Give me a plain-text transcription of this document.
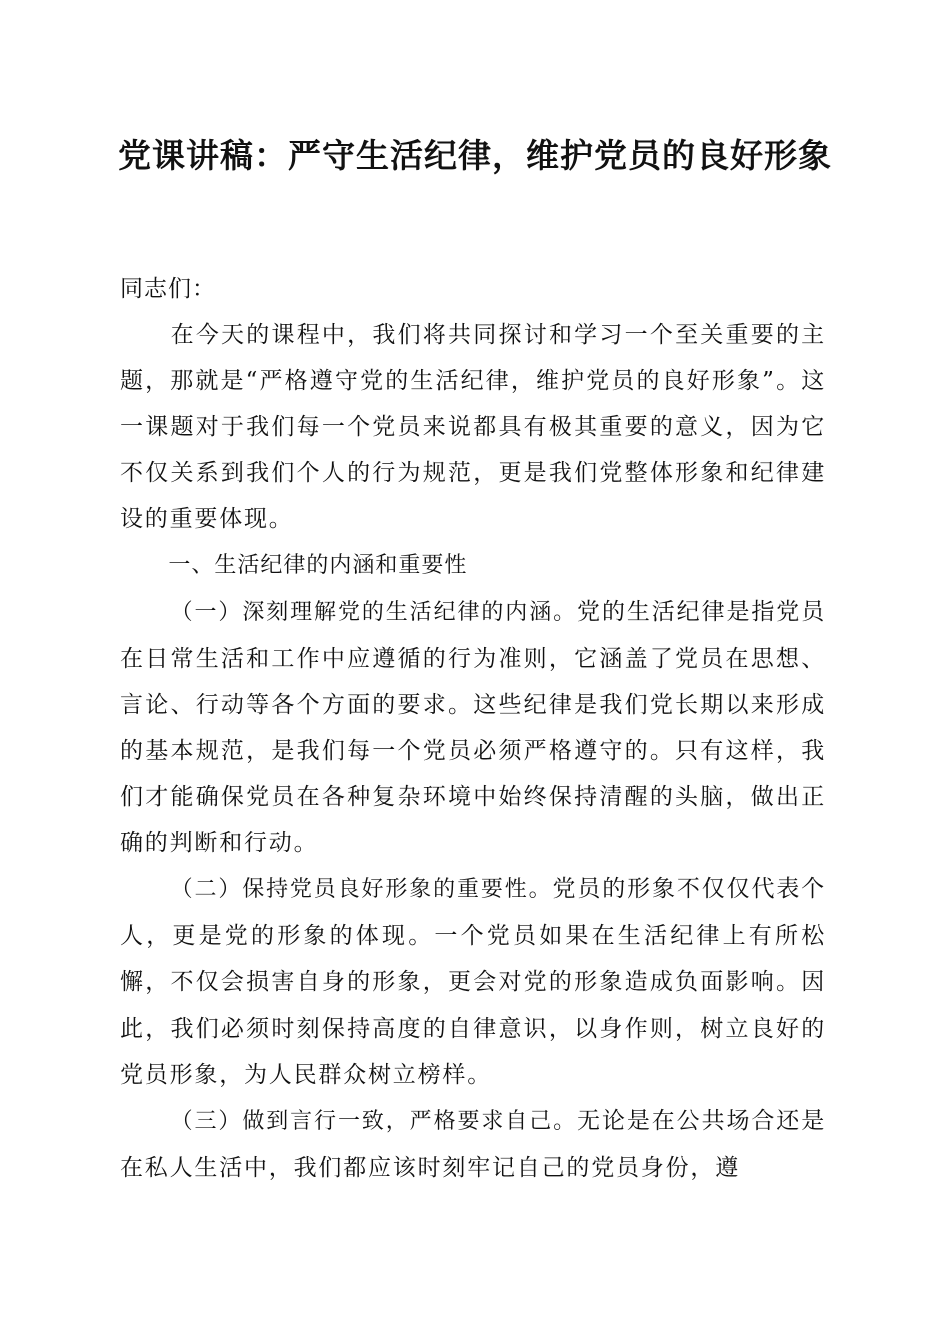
党课讲稿：严守生活纪律，维护党员的良好形象

同志们：

在今天的课程中，我们将共同探讨和学习一个至关重要的主题，那就是“严格遵守党的生活纪律，维护党员的良好形象”。这一课题对于我们每一个党员来说都具有极其重要的意义，因为它不仅关系到我们个人的行为规范，更是我们党整体形象和纪律建设的重要体现。

一、生活纪律的内涵和重要性

（一）深刻理解党的生活纪律的内涵。党的生活纪律是指党员在日常生活和工作中应遵循的行为准则，它涵盖了党员在思想、言论、行动等各个方面的要求。这些纪律是我们党长期以来形成的基本规范，是我们每一个党员必须严格遵守的。只有这样，我们才能确保党员在各种复杂环境中始终保持清醒的头脑，做出正确的判断和行动。

（二）保持党员良好形象的重要性。党员的形象不仅仅代表个人，更是党的形象的体现。一个党员如果在生活纪律上有所松懈，不仅会损害自身的形象，更会对党的形象造成负面影响。因此，我们必须时刻保持高度的自律意识，以身作则，树立良好的党员形象，为人民群众树立榜样。

（三）做到言行一致，严格要求自己。无论是在公共场合还是在私人生活中，我们都应该时刻牢记自己的党员身份，遵
